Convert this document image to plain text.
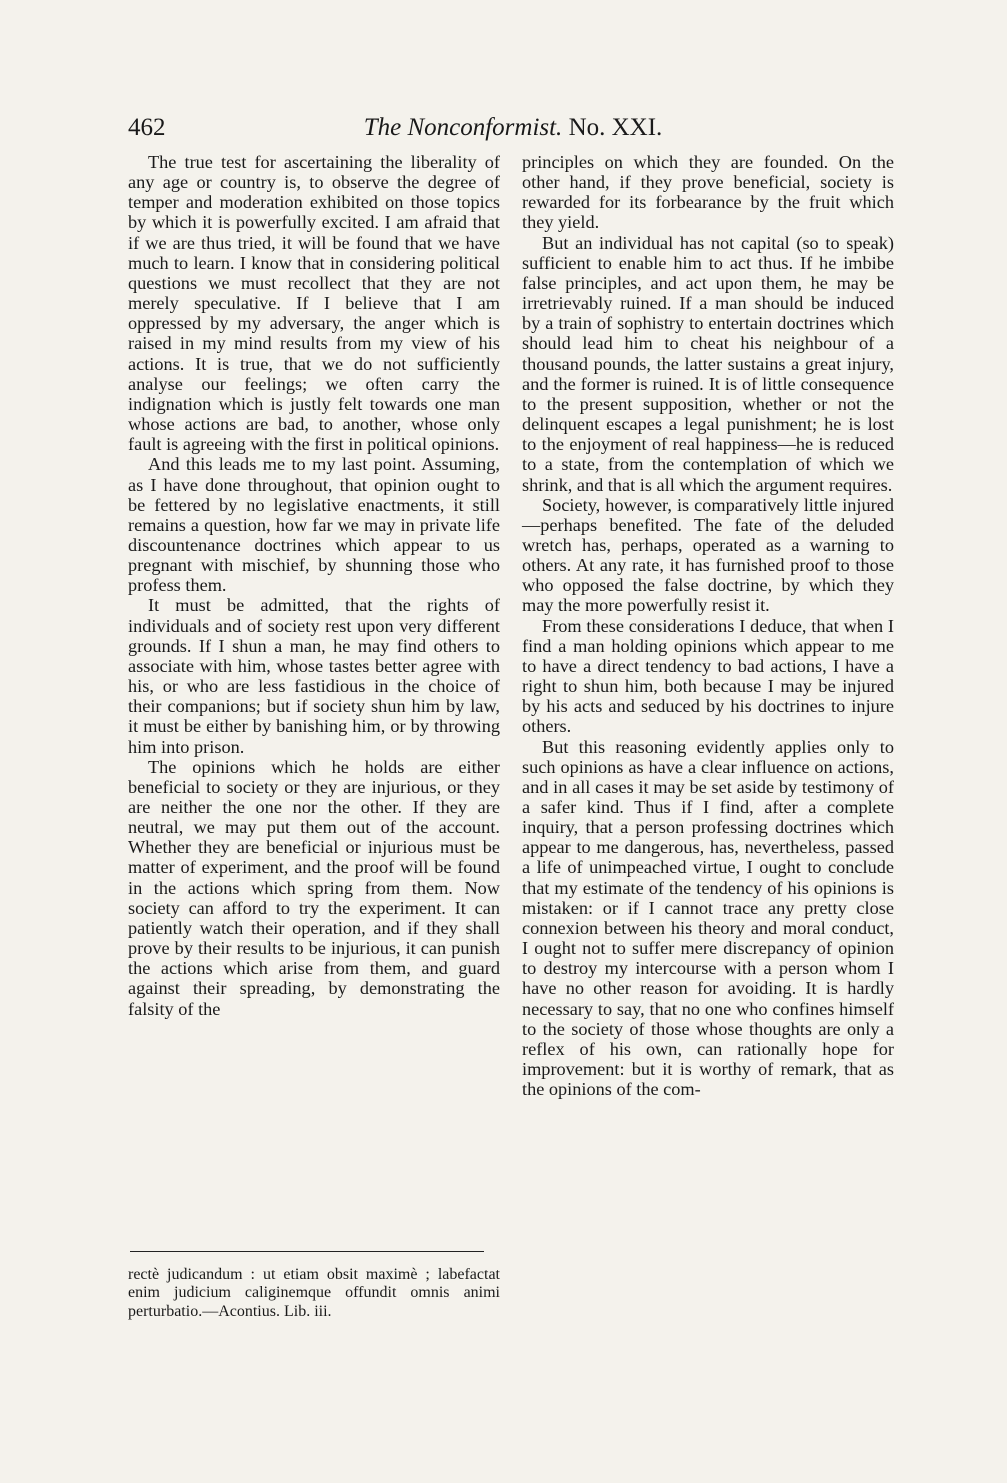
462	The Nonconformist. No. XXI.

The true test for ascertaining the liberality of any age or country is, to observe the degree of temper and moderation exhibited on those topics by which it is powerfully excited. I am afraid that if we are thus tried, it will be found that we have much to learn. I know that in considering political questions we must recollect that they are not merely speculative. If I believe that I am oppressed by my adversary, the anger which is raised in my mind results from my view of his actions. It is true, that we do not sufficiently analyse our feelings; we often carry the indignation which is justly felt towards one man whose actions are bad, to another, whose only fault is agreeing with the first in political opinions.

And this leads me to my last point. Assuming, as I have done throughout, that opinion ought to be fettered by no legislative enactments, it still remains a question, how far we may in private life discountenance doctrines which appear to us pregnant with mischief, by shunning those who profess them.

It must be admitted, that the rights of individuals and of society rest upon very different grounds. If I shun a man, he may find others to associate with him, whose tastes better agree with his, or who are less fastidious in the choice of their companions; but if society shun him by law, it must be either by banishing him, or by throwing him into prison.

The opinions which he holds are either beneficial to society or they are injurious, or they are neither the one nor the other. If they are neutral, we may put them out of the account. Whether they are beneficial or injurious must be matter of experiment, and the proof will be found in the actions which spring from them. Now society can afford to try the experiment. It can patiently watch their operation, and if they shall prove by their results to be injurious, it can punish the actions which arise from them, and guard against their spreading, by demonstrating the falsity of the

principles on which they are founded. On the other hand, if they prove beneficial, society is rewarded for its forbearance by the fruit which they yield.

But an individual has not capital (so to speak) sufficient to enable him to act thus. If he imbibe false principles, and act upon them, he may be irretrievably ruined. If a man should be induced by a train of sophistry to entertain doctrines which should lead him to cheat his neighbour of a thousand pounds, the latter sustains a great injury, and the former is ruined. It is of little consequence to the present supposition, whether or not the delinquent escapes a legal punishment; he is lost to the enjoyment of real happiness—he is reduced to a state, from the contemplation of which we shrink, and that is all which the argument requires.

Society, however, is comparatively little injured—perhaps benefited. The fate of the deluded wretch has, perhaps, operated as a warning to others. At any rate, it has furnished proof to those who opposed the false doctrine, by which they may the more powerfully resist it.

From these considerations I deduce, that when I find a man holding opinions which appear to me to have a direct tendency to bad actions, I have a right to shun him, both because I may be injured by his acts and seduced by his doctrines to injure others.

But this reasoning evidently applies only to such opinions as have a clear influence on actions, and in all cases it may be set aside by testimony of a safer kind. Thus if I find, after a complete inquiry, that a person professing doctrines which appear to me dangerous, has, nevertheless, passed a life of unimpeached virtue, I ought to conclude that my estimate of the tendency of his opinions is mistaken: or if I cannot trace any pretty close connexion between his theory and moral conduct, I ought not to suffer mere discrepancy of opinion to destroy my intercourse with a person whom I have no other reason for avoiding. It is hardly necessary to say, that no one who confines himself to the society of those whose thoughts are only a reflex of his own, can rationally hope for improvement: but it is worthy of remark, that as the opinions of the com-

rectè judicandum : ut etiam obsit maximè ; labefactat enim judicium caliginemque offundit omnis animi perturbatio.—Acontius. Lib. iii.
